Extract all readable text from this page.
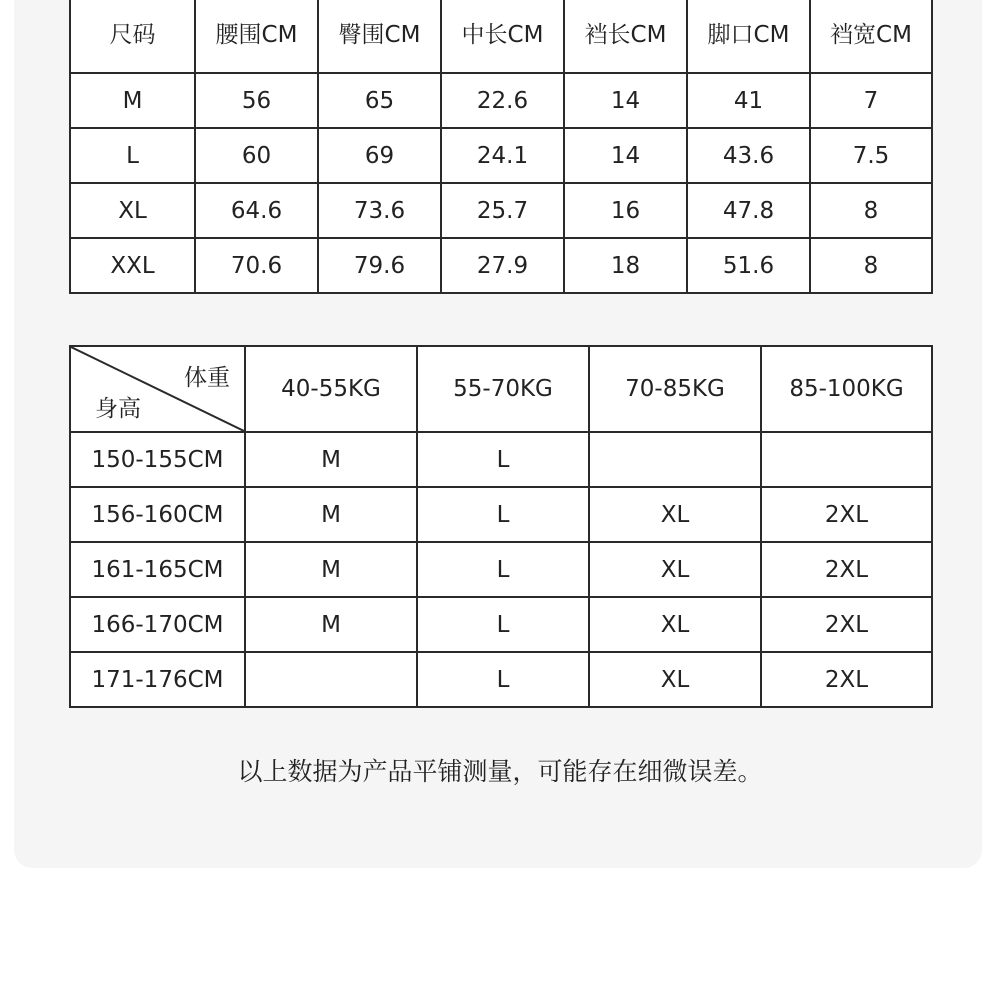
尺码	腰围CM	臀围CM	中长CM	裆长CM	脚口CM	裆宽CM
M	56	65	22.6	14	41	7
L	60	69	24.1	14	43.6	7.5
XL	64.6	73.6	25.7	16	47.8	8
XXL	70.6	79.6	27.9	18	51.6	8
体重
身高	40-55KG	55-70KG	70-85KG	85-100KG
150-155CM	M	L		
156-160CM	M	L	XL	2XL
161-165CM	M	L	XL	2XL
166-170CM	M	L	XL	2XL
171-176CM		L	XL	2XL
以上数据为产品平铺测量，可能存在细微误差。
